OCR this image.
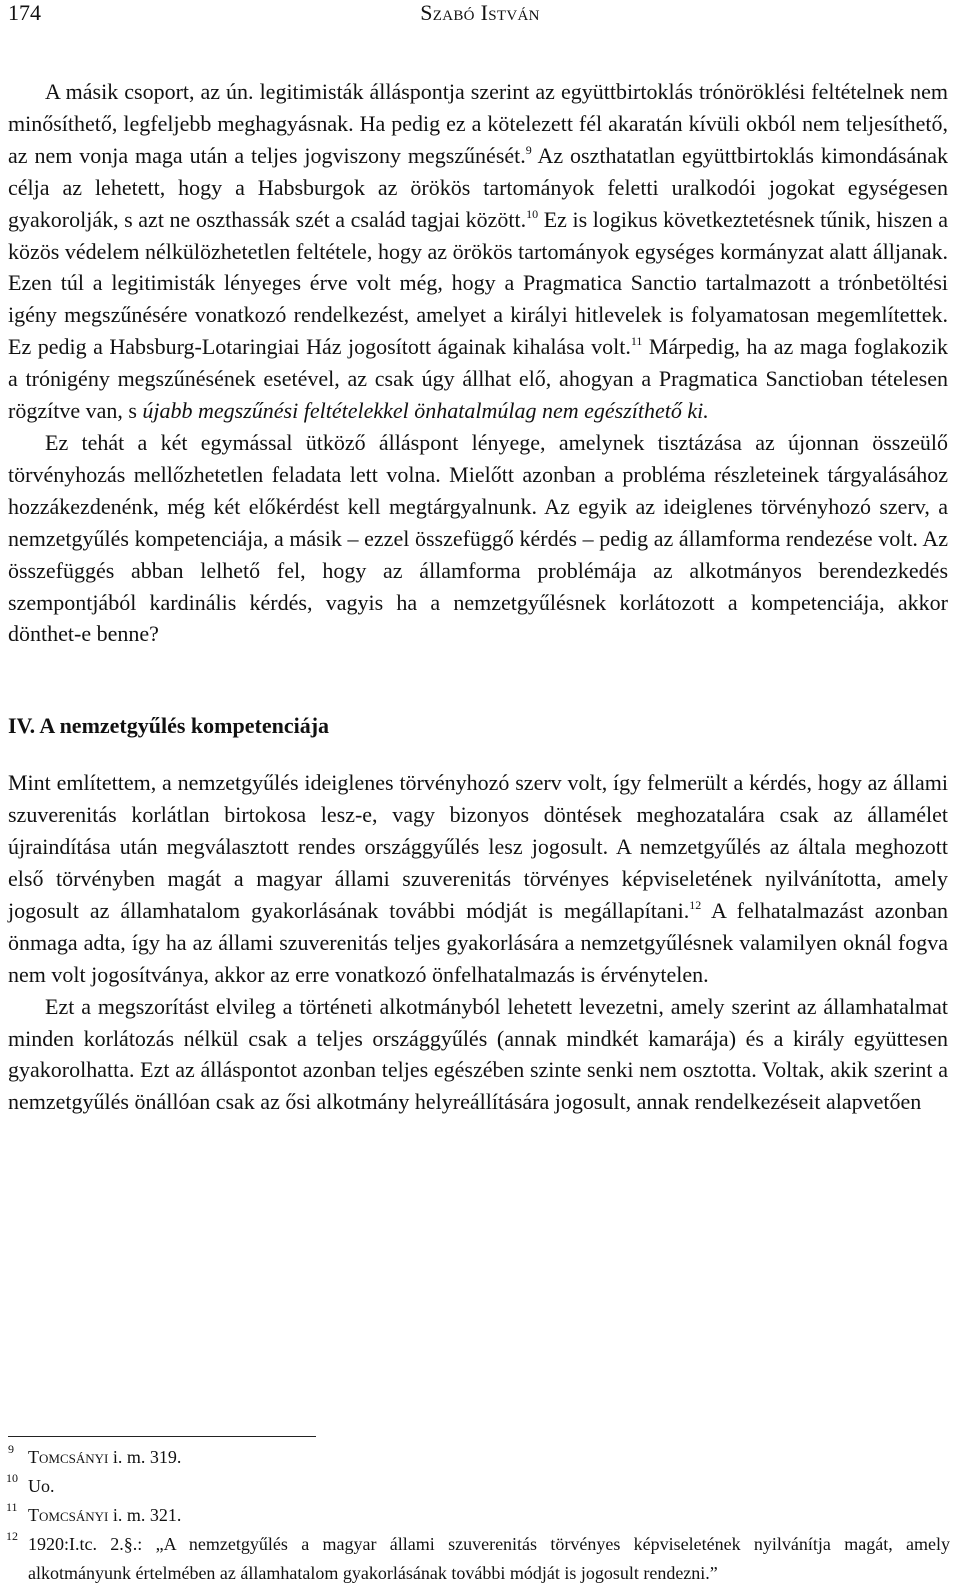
174	Szabó István

A másik csoport, az ún. legitimisták álláspontja szerint az együttbirtoklás trónöröklési feltételnek nem minősíthető, legfeljebb meghagyásnak. Ha pedig ez a kötelezett fél akaratán kívüli okból nem teljesíthető, az nem vonja maga után a teljes jogviszony megszűnését.$^9$ Az oszthatatlan együttbirtoklás kimondásának célja az lehetett, hogy a Habsburgok az örökös tartományok feletti uralkodói jogokat egységesen gyakorolják, s azt ne oszthassák szét a család tagjai között.$^{10}$ Ez is logikus következtetésnek tűnik, hiszen a közös védelem nélkülözhetetlen feltétele, hogy az örökös tartományok egységes kormányzat alatt álljanak. Ezen túl a legitimisták lényeges érve volt még, hogy a Pragmatica Sanctio tartalmazott a trónbetöltési igény megszűnésére vonatkozó rendelkezést, amelyet a királyi hitlevelek is folyamatosan megemlítettek. Ez pedig a Habsburg-Lotaringiai Ház jogosított ágainak kihalása volt.$^{11}$ Márpedig, ha az maga foglakozik a trónigény megszűnésének esetével, az csak úgy állhat elő, ahogyan a Pragmatica Sanctioban tételesen rögzítve van, s újabb megszűnési feltételekkel önhatalmúlag nem egészíthető ki.

Ez tehát a két egymással ütköző álláspont lényege, amelynek tisztázása az újonnan összeülő törvényhozás mellőzhetetlen feladata lett volna. Mielőtt azonban a probléma részleteinek tárgyalásához hozzákezdenénk, még két előkérdést kell megtárgyalnunk. Az egyik az ideiglenes törvényhozó szerv, a nemzetgyűlés kompetenciája, a másik – ezzel összefüggő kérdés – pedig az államforma rendezése volt. Az összefüggés abban lelhető fel, hogy az államforma problémája az alkotmányos berendezkedés szempontjából kardinális kérdés, vagyis ha a nemzetgyűlésnek korlátozott a kompetenciája, akkor dönthet-e benne?

IV. A nemzetgyűlés kompetenciája

Mint említettem, a nemzetgyűlés ideiglenes törvényhozó szerv volt, így felmerült a kérdés, hogy az állami szuverenitás korlátlan birtokosa lesz-e, vagy bizonyos döntések meghozatalára csak az államélet újraindítása után megválasztott rendes országgyűlés lesz jogosult. A nemzetgyűlés az általa meghozott első törvényben magát a magyar állami szuverenitás törvényes képviseletének nyilvánította, amely jogosult az államhatalom gyakorlásának további módját is megállapítani.$^{12}$ A felhatalmazást azonban önmaga adta, így ha az állami szuverenitás teljes gyakorlására a nemzetgyűlésnek valamilyen oknál fogva nem volt jogosítványa, akkor az erre vonatkozó önfelhatalmazás is érvénytelen.

Ezt a megszorítást elvileg a történeti alkotmányból lehetett levezetni, amely szerint az államhatalmat minden korlátozás nélkül csak a teljes országgyűlés (annak mindkét kamarája) és a király együttesen gyakorolhatta. Ezt az álláspontot azonban teljes egészében szinte senki nem osztotta. Voltak, akik szerint a nemzetgyűlés önállóan csak az ősi alkotmány helyreállítására jogosult, annak rendelkezéseit alapvetően

9 Tomcsányi i. m. 319.
10 Uo.
11 Tomcsányi i. m. 321.
12 1920:I.tc. 2.§.: „A nemzetgyűlés a magyar állami szuverenitás törvényes képviseletének nyilvánítja magát, amely alkotmányunk értelmében az államhatalom gyakorlásának további módját is jogosult rendezni.”
